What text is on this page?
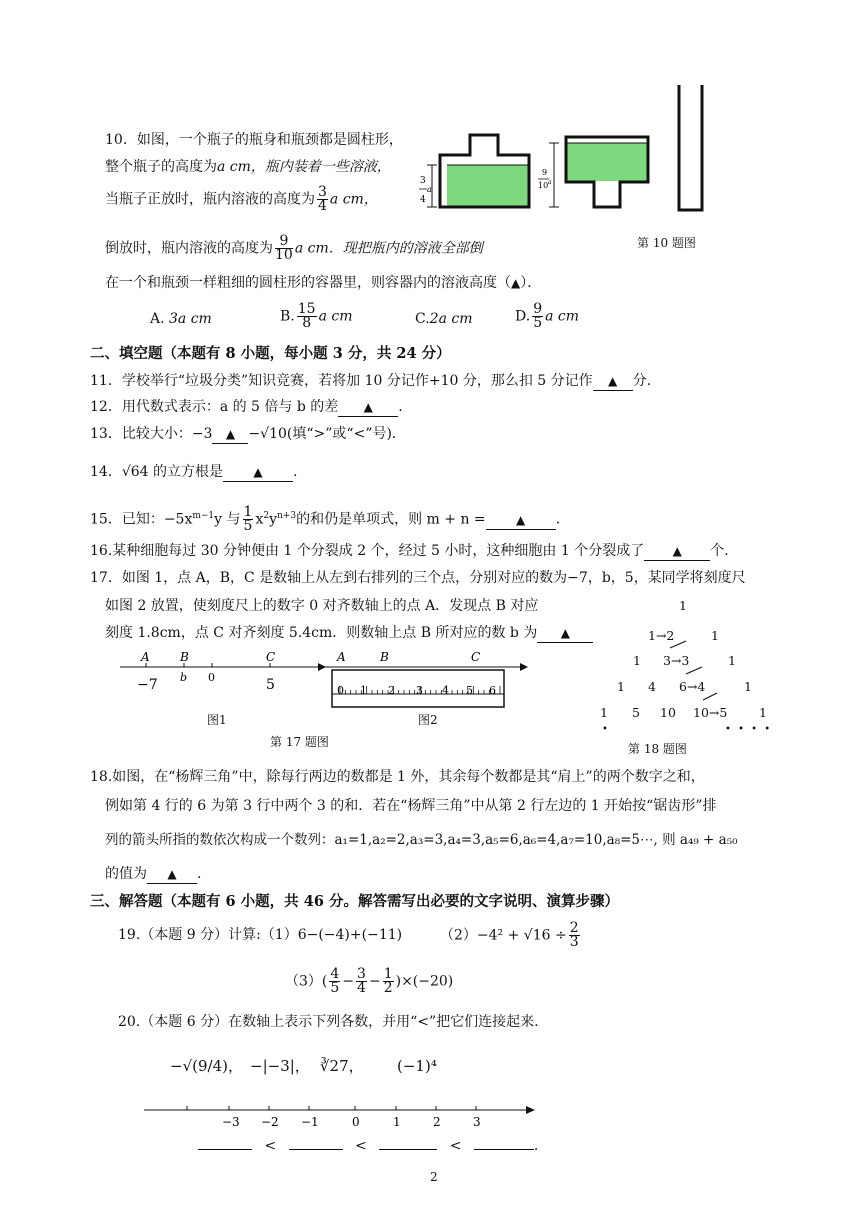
10．如图，一个瓶子的瓶身和瓶颈都是圆柱形，
整个瓶子的高度为a cm，瓶内装着一些溶液，
当瓶子正放时，瓶内溶液的高度为 $\frac{3}{4}$ a cm，
倒放时，瓶内溶液的高度为 $\frac{9}{10}$ a cm．现把瓶内的溶液全部倒
在一个和瓶颈一样粗细的圆柱形的容器里，则容器内的溶液高度（▲）．
A. 3a cm	B. $\frac{15}{8}$ a cm	C.2a cm	D. $\frac{9}{5}$ a cm
3
4
a
9
10 a
第 10 题图
二、填空题（本题有 8 小题，每小题 3 分，共 24 分）
11．学校举行“垃圾分类”知识竞赛，若将加 10 分记作+10 分，那么扣 5 分记作 ▲ 分.
12．用代数式表示：a 的 5 倍与 b 的差 ▲ .
13．比较大小：−3 ▲ −√10(填“>”或“<”号)．
14．√64 的立方根是	▲ .
15．已知：$-5x^{m-1}y$ 与 $\frac{1}{5} x^2y^{n+3}$的和仍是单项式，则 m + n =	▲ .
16.某种细胞每过 30 分钟便由 1 个分裂成 2 个，经过 5 小时，这种细胞由 1 个分裂成了 ▲ 个.
17．如图 1，点 A，B，C 是数轴上从左到右排列的三个点，分别对应的数为−7，b，5，某同学将刻度尺
如图 2 放置，使刻度尺上的数字 0 对齐数轴上的点 A．发现点 B 对应
刻度 1.8cm，点 C 对齐刻度 5.4cm．则数轴上点 B 所对应的数 b 为 ▲
A	B	C
−7 b 0	5
图1
A	B	C
0 1 2 3 4 5 6
图2
第 17 题图
1
1→2	1
1 3→3	1
1 4 6→4	1
1 5 10 10→5	1
•	• • • •
第 18 题图
18.如图，在“杨辉三角”中，除每行两边的数都是 1 外，其余每个数都是其“肩上”的两个数字之和，
例如第 4 行的 6 为第 3 行中两个 3 的和．若在“杨辉三角”中从第 2 行左边的 1 开始按“锯齿形”排
列的箭头所指的数依次构成一个数列：a₁=1,a₂=2,a₃=3,a₄=3,a₅=6,a₆=4,a₇=10,a₈=5⋯, 则 a₄₉ + a₅₀
的值为 ▲ .
三、解答题（本题有 6 小题，共 46 分。解答需写出必要的文字说明、演算步骤）
19.（本题 9 分）计算:（1）6−(−4)+(−11)	$(2)-4^2 + √16 \div \frac{2}{3}$
$(3)( \frac{4}{5} - \frac{3}{4} - \frac{1}{2} )\times(-20)$
20.（本题 6 分）在数轴上表示下列各数，并用“<”把它们连接起来.
−√(9/4)， −|−3|， ∛27， (−1)⁴
−3 −2 −1	0	1	2	3
<	<	<	.
2
